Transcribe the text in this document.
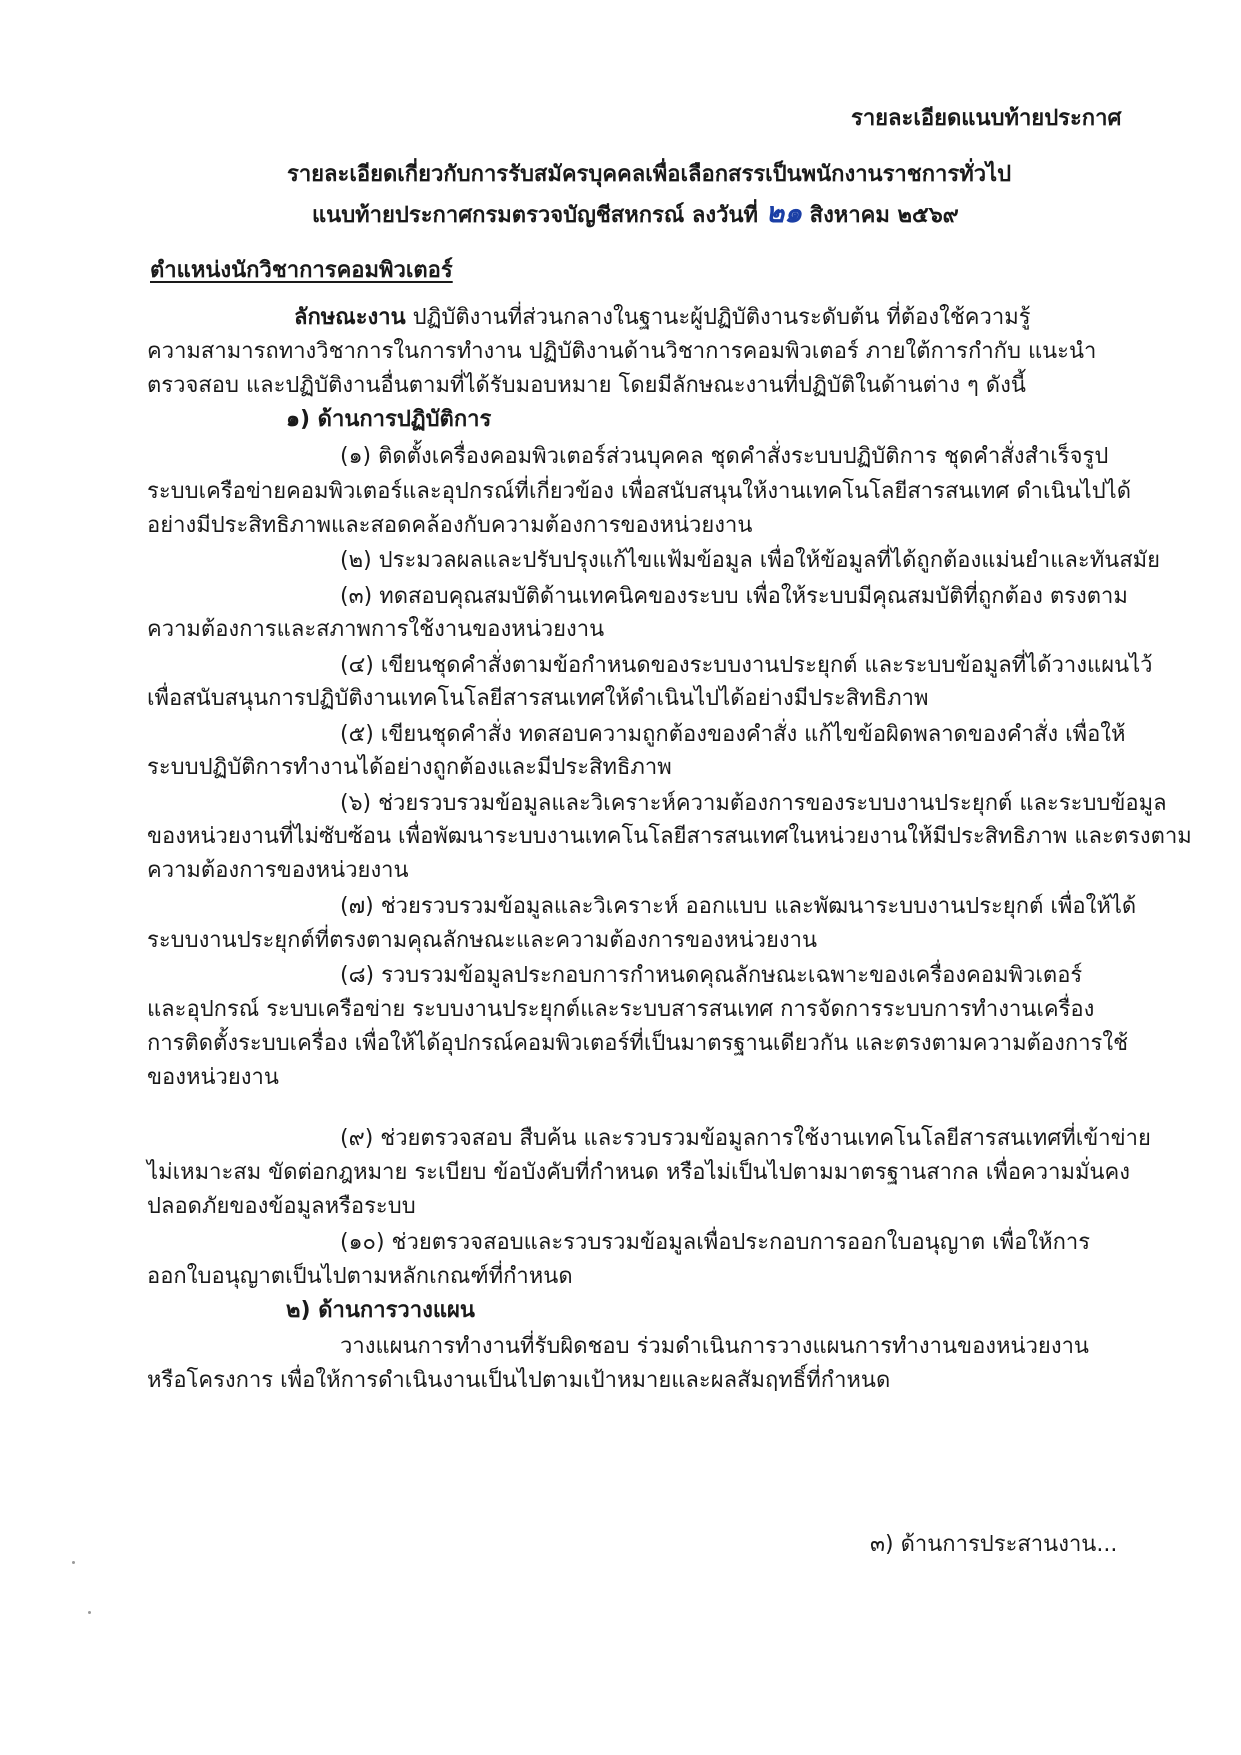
รายละเอียดแนบท้ายประกาศ
รายละเอียดเกี่ยวกับการรับสมัครบุคคลเพื่อเลือกสรรเป็นพนักงานราชการทั่วไป
แนบท้ายประกาศกรมตรวจบัญชีสหกรณ์ ลงวันที่ ๒๑ สิงหาคม ๒๕๖๙
ตำแหน่งนักวิชาการคอมพิวเตอร์
ลักษณะงาน ปฏิบัติงานที่ส่วนกลางในฐานะผู้ปฏิบัติงานระดับต้น ที่ต้องใช้ความรู้
ความสามารถทางวิชาการในการทำงาน ปฏิบัติงานด้านวิชาการคอมพิวเตอร์ ภายใต้การกำกับ แนะนำ
ตรวจสอบ และปฏิบัติงานอื่นตามที่ได้รับมอบหมาย โดยมีลักษณะงานที่ปฏิบัติในด้านต่าง ๆ ดังนี้
๑) ด้านการปฏิบัติการ
(๑) ติดตั้งเครื่องคอมพิวเตอร์ส่วนบุคคล ชุดคำสั่งระบบปฏิบัติการ ชุดคำสั่งสำเร็จรูป
ระบบเครือข่ายคอมพิวเตอร์และอุปกรณ์ที่เกี่ยวข้อง เพื่อสนับสนุนให้งานเทคโนโลยีสารสนเทศ ดำเนินไปได้
อย่างมีประสิทธิภาพและสอดคล้องกับความต้องการของหน่วยงาน
(๒) ประมวลผลและปรับปรุงแก้ไขแฟ้มข้อมูล เพื่อให้ข้อมูลที่ได้ถูกต้องแม่นยำและทันสมัย
(๓) ทดสอบคุณสมบัติด้านเทคนิคของระบบ เพื่อให้ระบบมีคุณสมบัติที่ถูกต้อง ตรงตาม
ความต้องการและสภาพการใช้งานของหน่วยงาน
(๔) เขียนชุดคำสั่งตามข้อกำหนดของระบบงานประยุกต์ และระบบข้อมูลที่ได้วางแผนไว้
เพื่อสนับสนุนการปฏิบัติงานเทคโนโลยีสารสนเทศให้ดำเนินไปได้อย่างมีประสิทธิภาพ
(๕) เขียนชุดคำสั่ง ทดสอบความถูกต้องของคำสั่ง แก้ไขข้อผิดพลาดของคำสั่ง เพื่อให้
ระบบปฏิบัติการทำงานได้อย่างถูกต้องและมีประสิทธิภาพ
(๖) ช่วยรวบรวมข้อมูลและวิเคราะห์ความต้องการของระบบงานประยุกต์ และระบบข้อมูล
ของหน่วยงานที่ไม่ซับซ้อน เพื่อพัฒนาระบบงานเทคโนโลยีสารสนเทศในหน่วยงานให้มีประสิทธิภาพ และตรงตาม
ความต้องการของหน่วยงาน
(๗) ช่วยรวบรวมข้อมูลและวิเคราะห์ ออกแบบ และพัฒนาระบบงานประยุกต์ เพื่อให้ได้
ระบบงานประยุกต์ที่ตรงตามคุณลักษณะและความต้องการของหน่วยงาน
(๘) รวบรวมข้อมูลประกอบการกำหนดคุณลักษณะเฉพาะของเครื่องคอมพิวเตอร์
และอุปกรณ์ ระบบเครือข่าย ระบบงานประยุกต์และระบบสารสนเทศ การจัดการระบบการทำงานเครื่อง
การติดตั้งระบบเครื่อง เพื่อให้ได้อุปกรณ์คอมพิวเตอร์ที่เป็นมาตรฐานเดียวกัน และตรงตามความต้องการใช้
ของหน่วยงาน
(๙) ช่วยตรวจสอบ สืบค้น และรวบรวมข้อมูลการใช้งานเทคโนโลยีสารสนเทศที่เข้าข่าย
ไม่เหมาะสม ขัดต่อกฎหมาย ระเบียบ ข้อบังคับที่กำหนด หรือไม่เป็นไปตามมาตรฐานสากล เพื่อความมั่นคง
ปลอดภัยของข้อมูลหรือระบบ
(๑๐) ช่วยตรวจสอบและรวบรวมข้อมูลเพื่อประกอบการออกใบอนุญาต เพื่อให้การ
ออกใบอนุญาตเป็นไปตามหลักเกณฑ์ที่กำหนด
๒) ด้านการวางแผน
วางแผนการทำงานที่รับผิดชอบ ร่วมดำเนินการวางแผนการทำงานของหน่วยงาน
หรือโครงการ เพื่อให้การดำเนินงานเป็นไปตามเป้าหมายและผลสัมฤทธิ์ที่กำหนด
๓) ด้านการประสานงาน...
